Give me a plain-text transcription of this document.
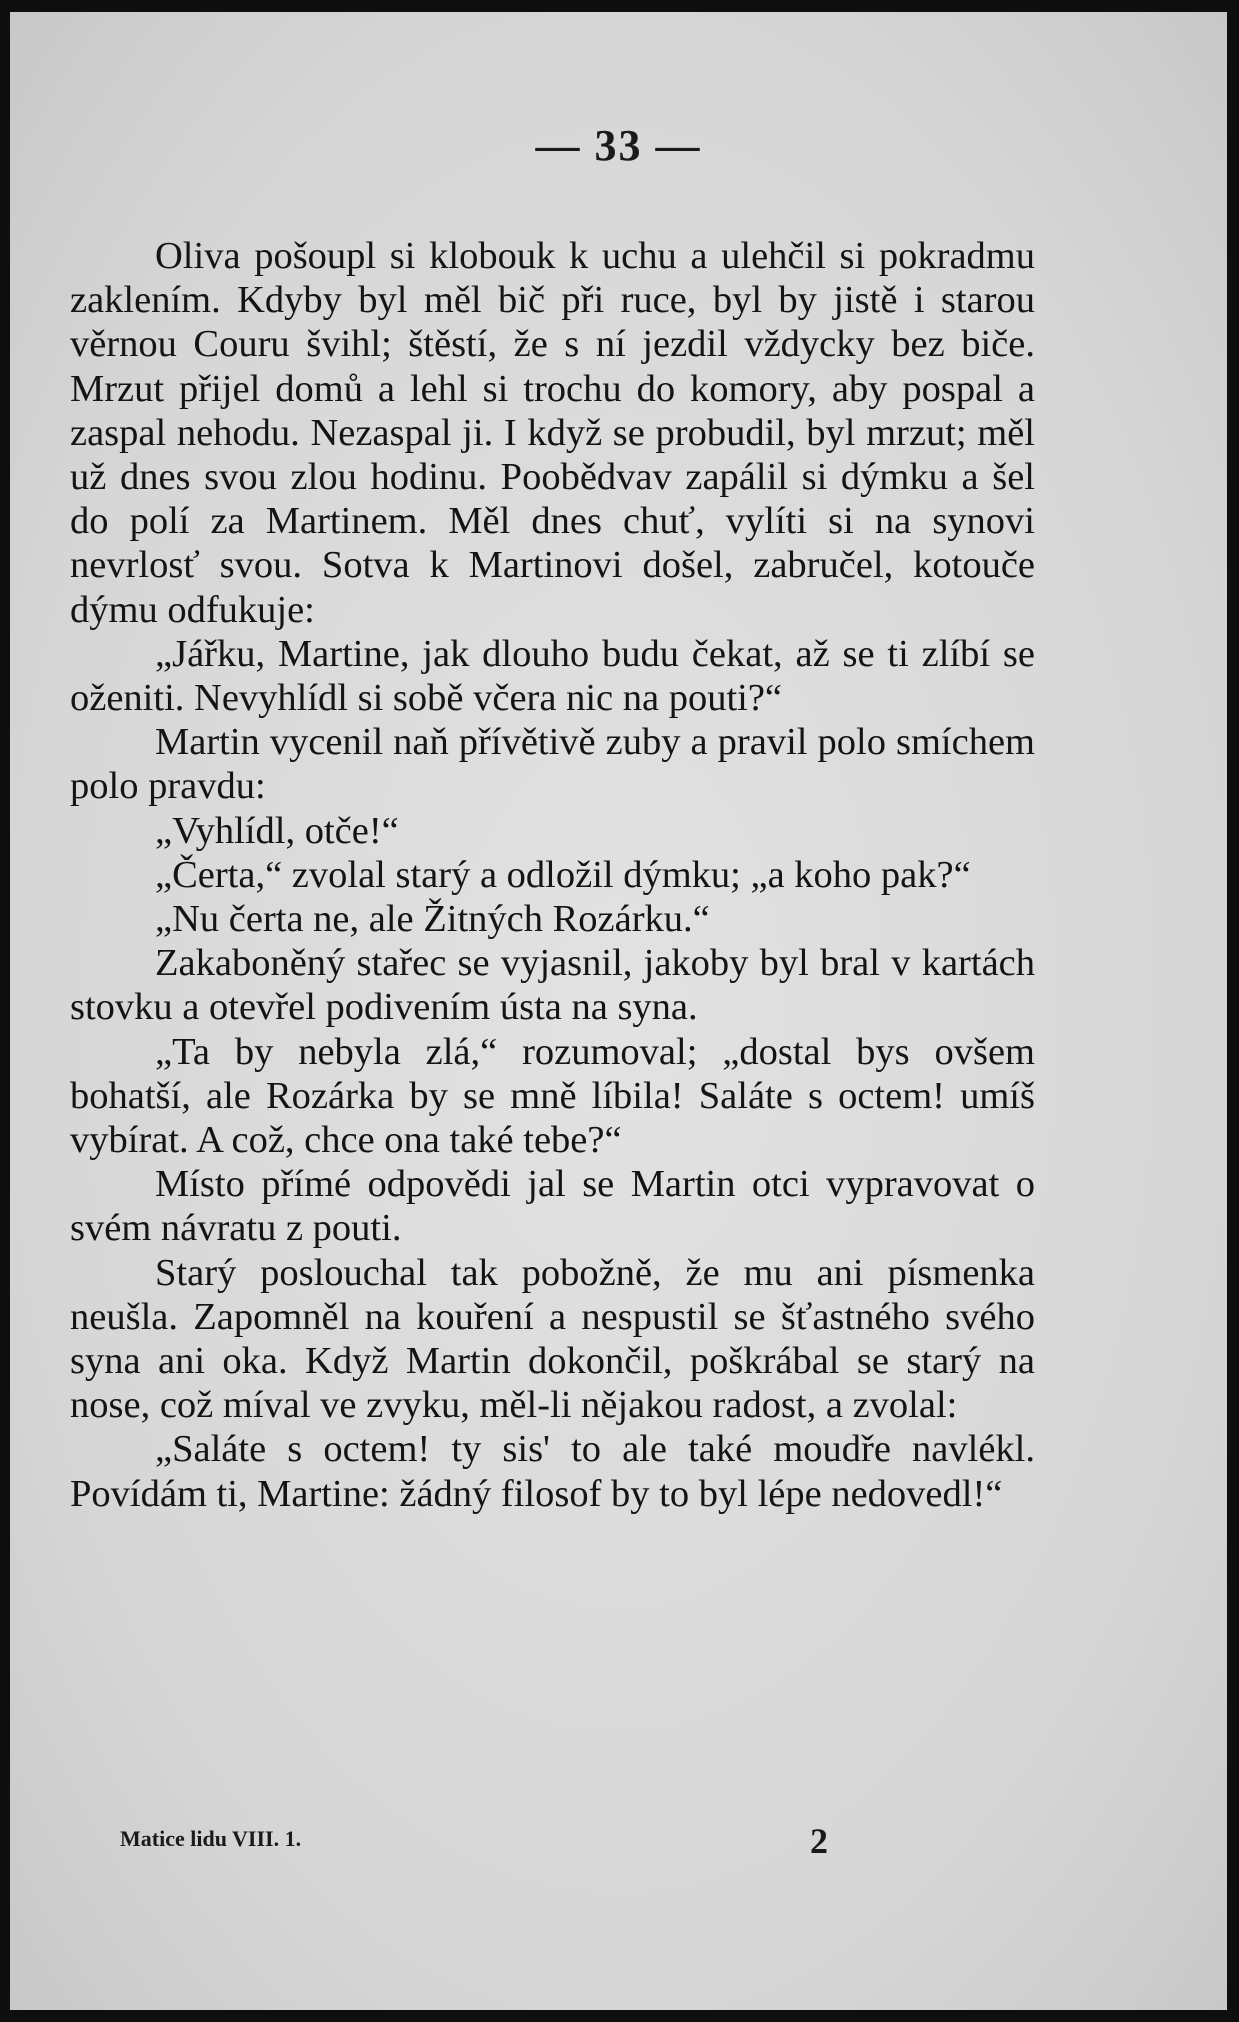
— 33 —

Oliva pošoupl si klobouk k uchu a ulehčil si pokradmu zaklením. Kdyby byl měl bič při ruce, byl by jistě i starou věrnou Couru švihl; štěstí, že s ní jezdil vždycky bez biče. Mrzut přijel domů a lehl si trochu do komory, aby pospal a zaspal nehodu. Nezaspal ji. I když se probudil, byl mrzut; měl už dnes svou zlou hodinu. Poobědvav zapálil si dýmku a šel do polí za Martinem. Měl dnes chuť, vylíti si na synovi nevrlosť svou. Sotva k Martinovi došel, zabručel, kotouče dýmu odfukuje:

„Jářku, Martine, jak dlouho budu čekat, až se ti zlíbí se oženiti. Nevyhlídl si sobě včera nic na pouti?“

Martin vycenil naň přívětivě zuby a pravil polo smíchem polo pravdu:

„Vyhlídl, otče!“

„Čerta,“ zvolal starý a odložil dýmku; „a koho pak?“

„Nu čerta ne, ale Žitných Rozárku.“

Zakaboněný stařec se vyjasnil, jakoby byl bral v kartách stovku a otevřel podivením ústa na syna.

„Ta by nebyla zlá,“ rozumoval; „dostal bys ovšem bohatší, ale Rozárka by se mně líbila! Saláte s octem! umíš vybírat. A což, chce ona také tebe?“

Místo přímé odpovědi jal se Martin otci vypravovat o svém návratu z pouti.

Starý poslouchal tak pobožně, že mu ani písmenka neušla. Zapomněl na kouření a nespustil se šťastného svého syna ani oka. Když Martin dokončil, poškrábal se starý na nose, což míval ve zvyku, měl-li nějakou radost, a zvolal:

„Saláte s octem! ty sis' to ale také moudře navlékl. Povídám ti, Martine: žádný filosof by to byl lépe nedovedl!“

Matice lidu VIII. 1.	2
